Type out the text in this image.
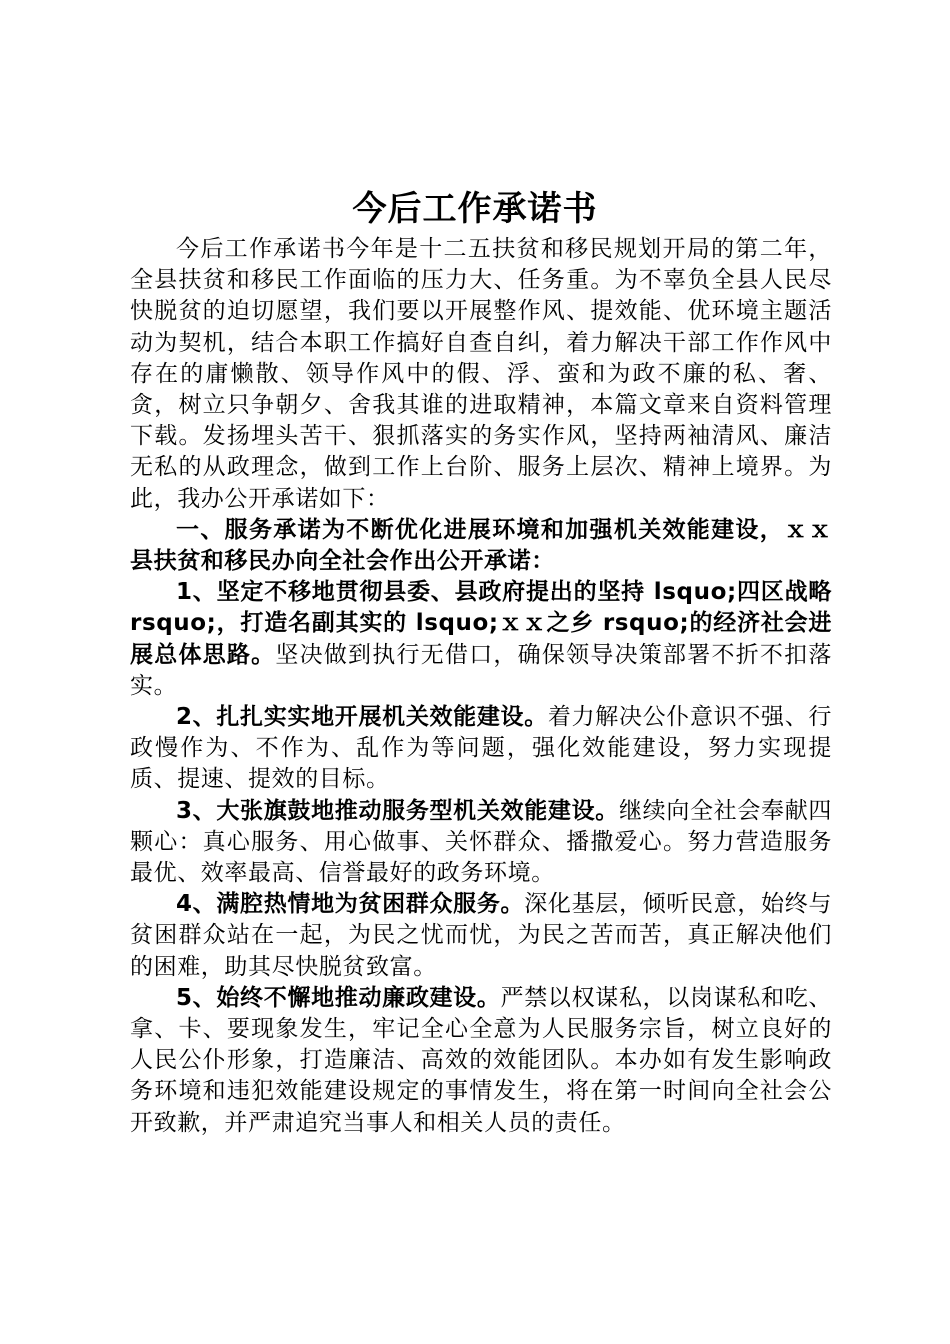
今后工作承诺书

今后工作承诺书今年是十二五扶贫和移民规划开局的第二年，全县扶贫和移民工作面临的压力大、任务重。为不辜负全县人民尽快脱贫的迫切愿望，我们要以开展整作风、提效能、优环境主题活动为契机，结合本职工作搞好自查自纠，着力解决干部工作作风中存在的庸懒散、领导作风中的假、浮、蛮和为政不廉的私、奢、贪，树立只争朝夕、舍我其谁的进取精神，本篇文章来自资料管理下载。发扬埋头苦干、狠抓落实的务实作风，坚持两袖清风、廉洁无私的从政理念，做到工作上台阶、服务上层次、精神上境界。为此，我办公开承诺如下：

一、服务承诺为不断优化进展环境和加强机关效能建设，ｘｘ县扶贫和移民办向全社会作出公开承诺：

1、坚定不移地贯彻县委、县政府提出的坚持 lsquo;四区战略 rsquo;，打造名副其实的 lsquo;ｘｘ之乡 rsquo;的经济社会进展总体思路。坚决做到执行无借口，确保领导决策部署不折不扣落实。

2、扎扎实实地开展机关效能建设。着力解决公仆意识不强、行政慢作为、不作为、乱作为等问题，强化效能建设，努力实现提质、提速、提效的目标。

3、大张旗鼓地推动服务型机关效能建设。继续向全社会奉献四颗心：真心服务、用心做事、关怀群众、播撒爱心。努力营造服务最优、效率最高、信誉最好的政务环境。

4、满腔热情地为贫困群众服务。深化基层，倾听民意，始终与贫困群众站在一起，为民之忧而忧，为民之苦而苦，真正解决他们的困难，助其尽快脱贫致富。

5、始终不懈地推动廉政建设。严禁以权谋私，以岗谋私和吃、拿、卡、要现象发生，牢记全心全意为人民服务宗旨，树立良好的人民公仆形象，打造廉洁、高效的效能团队。本办如有发生影响政务环境和违犯效能建设规定的事情发生，将在第一时间向全社会公开致歉，并严肃追究当事人和相关人员的责任。
